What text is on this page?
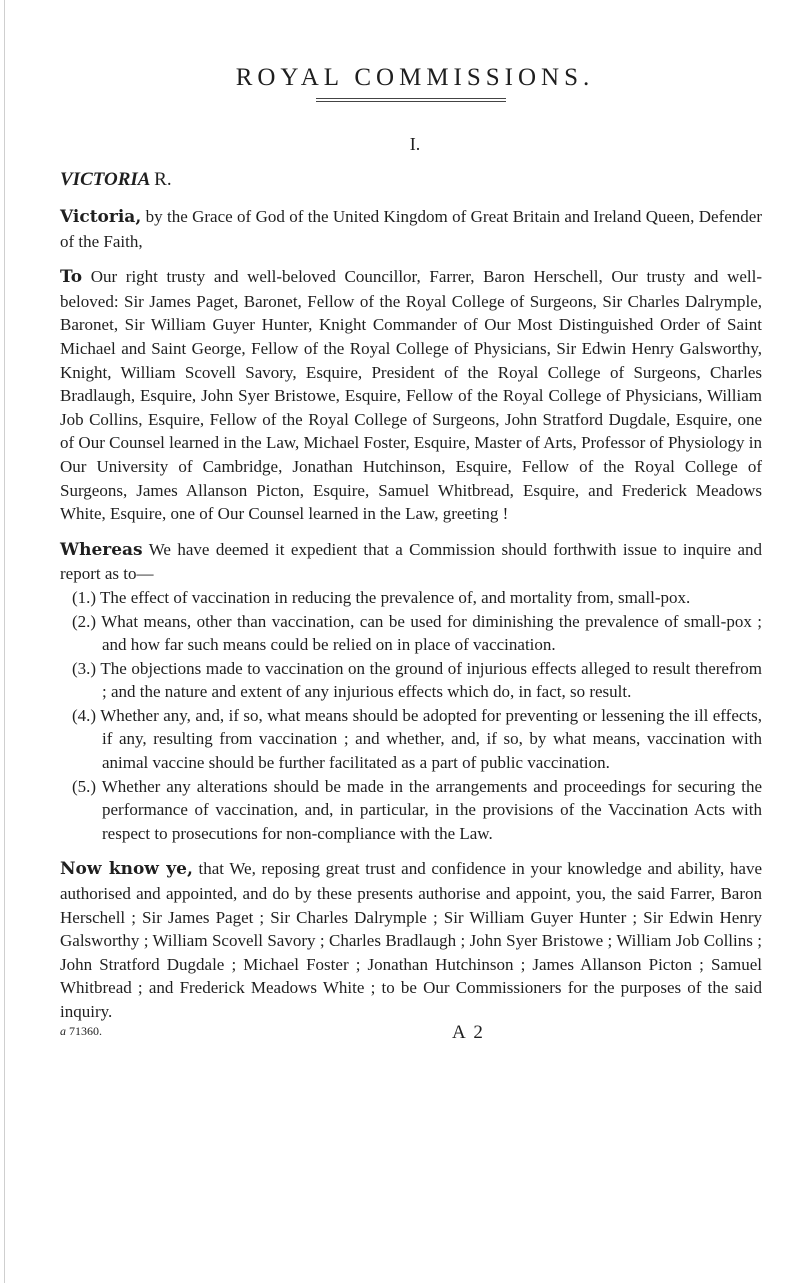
ROYAL COMMISSIONS.
I.
VICTORIA R.

Victoria, by the Grace of God of the United Kingdom of Great Britain and Ireland Queen, Defender of the Faith,

To Our right trusty and well-beloved Councillor, Farrer, Baron Herschell, Our trusty and well-beloved: Sir James Paget, Baronet, Fellow of the Royal College of Surgeons, Sir Charles Dalrymple, Baronet, Sir William Guyer Hunter, Knight Commander of Our Most Distinguished Order of Saint Michael and Saint George, Fellow of the Royal College of Physicians, Sir Edwin Henry Galsworthy, Knight, William Scovell Savory, Esquire, President of the Royal College of Surgeons, Charles Bradlaugh, Esquire, John Syer Bristowe, Esquire, Fellow of the Royal College of Physicians, William Job Collins, Esquire, Fellow of the Royal College of Surgeons, John Stratford Dugdale, Esquire, one of Our Counsel learned in the Law, Michael Foster, Esquire, Master of Arts, Professor of Physiology in Our University of Cambridge, Jonathan Hutchinson, Esquire, Fellow of the Royal College of Surgeons, James Allanson Picton, Esquire, Samuel Whitbread, Esquire, and Frederick Meadows White, Esquire, one of Our Counsel learned in the Law, greeting !

Whereas We have deemed it expedient that a Commission should forthwith issue to inquire and report as to—

(1.) The effect of vaccination in reducing the prevalence of, and mortality from, small-pox.
(2.) What means, other than vaccination, can be used for diminishing the prevalence of small-pox ; and how far such means could be relied on in place of vaccination.
(3.) The objections made to vaccination on the ground of injurious effects alleged to result therefrom ; and the nature and extent of any injurious effects which do, in fact, so result.
(4.) Whether any, and, if so, what means should be adopted for preventing or lessening the ill effects, if any, resulting from vaccination ; and whether, and, if so, by what means, vaccination with animal vaccine should be further facilitated as a part of public vaccination.
(5.) Whether any alterations should be made in the arrangements and proceedings for securing the performance of vaccination, and, in particular, in the provisions of the Vaccination Acts with respect to prosecutions for non-compliance with the Law.

Now know ye, that We, reposing great trust and confidence in your knowledge and ability, have authorised and appointed, and do by these presents authorise and appoint, you, the said Farrer, Baron Herschell ; Sir James Paget ; Sir Charles Dalrymple ; Sir William Guyer Hunter ; Sir Edwin Henry Galsworthy ; William Scovell Savory ; Charles Bradlaugh ; John Syer Bristowe ; William Job Collins ; John Stratford Dugdale ; Michael Foster ; Jonathan Hutchinson ; James Allanson Picton ; Samuel Whitbread ; and Frederick Meadows White ; to be Our Commissioners for the purposes of the said inquiry.

a 71360.	A 2
